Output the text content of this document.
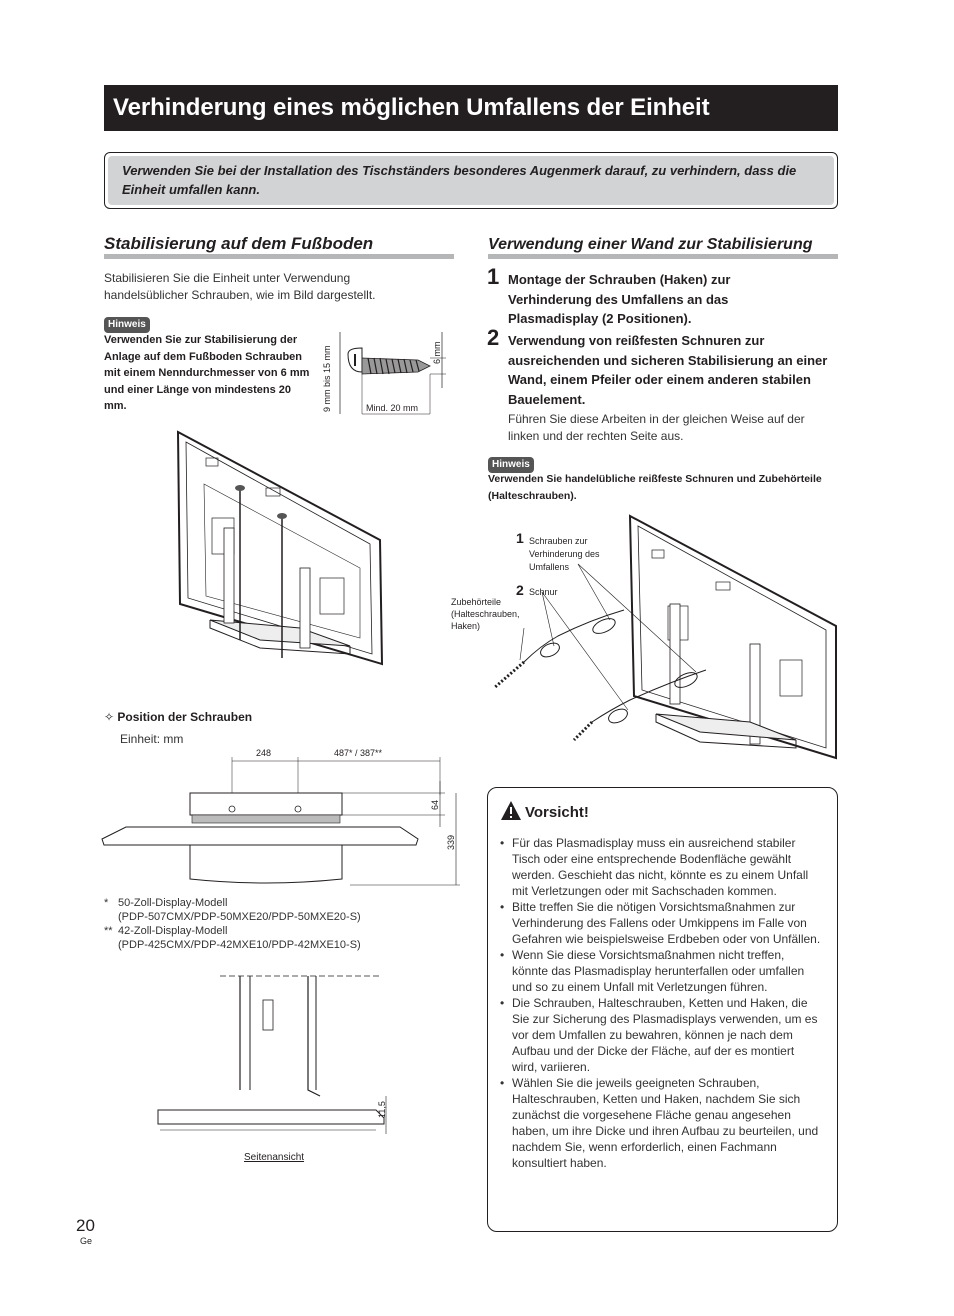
Verhinderung eines möglichen Umfallens der Einheit
Verwenden Sie bei der Installation des Tischständers besonderes Augenmerk darauf, zu verhindern, dass die Einheit umfallen kann.
Stabilisierung auf dem Fußboden
Stabilisieren Sie die Einheit unter Verwendung handelsüblicher Schrauben, wie im Bild dargestellt.
Hinweis
Verwenden Sie zur Stabilisierung der Anlage auf dem Fußboden Schrauben mit einem Nenndurchmesser von 6 mm und einer Länge von mindestens 20 mm.	9 mm bis 15 mm	6 mm
Mind. 20 mm
✧ Position der Schrauben
Einheit: mm
248	487* / 387**
64
339
* 50-Zoll-Display-Modell
(PDP-507CMX/PDP-50MXE20/PDP-50MXE20-S)
** 42-Zoll-Display-Modell
(PDP-425CMX/PDP-42MXE10/PDP-42MXE10-S)
11,5
Seitenansicht
Verwendung einer Wand zur Stabilisierung
1 Montage der Schrauben (Haken) zur Verhinderung des Umfallens an das Plasmadisplay (2 Positionen).
2 Verwendung von reißfesten Schnuren zur ausreichenden und sicheren Stabilisierung an einer Wand, einem Pfeiler oder einem anderen stabilen Bauelement.
Führen Sie diese Arbeiten in der gleichen Weise auf der linken und der rechten Seite aus.
Hinweis
Verwenden Sie handelübliche reißfeste Schnuren und Zubehörteile (Halteschrauben).
1 Schrauben zur
Verhinderung des
Umfallens
2 Schnur
Zubehörteile
(Halteschrauben,
Haken)
Vorsicht!
• Für das Plasmadisplay muss ein ausreichend stabiler Tisch oder eine entsprechende Bodenfläche gewählt werden. Geschieht das nicht, könnte es zu einem Unfall mit Verletzungen oder mit Sachschaden kommen.
• Bitte treffen Sie die nötigen Vorsichtsmaßnahmen zur Verhinderung des Fallens oder Umkippens im Falle von Gefahren wie beispielsweise Erdbeben oder von Unfällen.
• Wenn Sie diese Vorsichtsmaßnahmen nicht treffen, könnte das Plasmadisplay herunterfallen oder umfallen und so zu einem Unfall mit Verletzungen führen.
• Die Schrauben, Halteschrauben, Ketten und Haken, die Sie zur Sicherung des Plasmadisplays verwenden, um es vor dem Umfallen zu bewahren, können je nach dem Aufbau und der Dicke der Fläche, auf der es montiert wird, variieren.
• Wählen Sie die jeweils geeigneten Schrauben, Halteschrauben, Ketten und Haken, nachdem Sie sich zunächst die vorgesehene Fläche genau angesehen haben, um ihre Dicke und ihren Aufbau zu beurteilen, und nachdem Sie, wenn erforderlich, einen Fachmann konsultiert haben.
20
Ge
